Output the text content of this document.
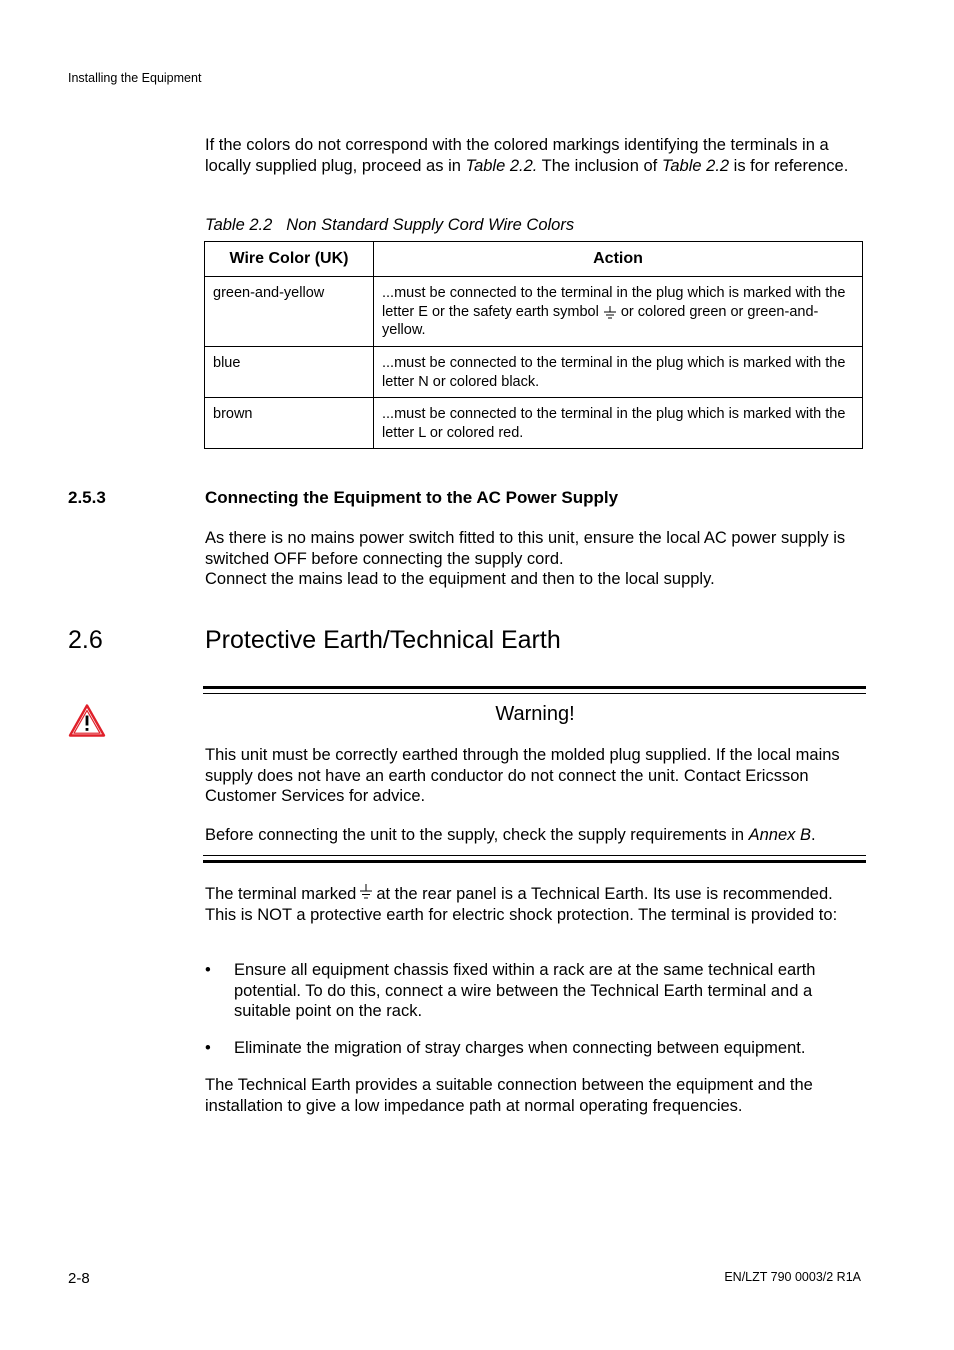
Installing the Equipment

If the colors do not correspond with the colored markings identifying the terminals in a locally supplied plug, proceed as in Table 2.2. The inclusion of Table 2.2 is for reference.

Table 2.2 Non Standard Supply Cord Wire Colors
Wire Color (UK)	Action
green-and-yellow	...must be connected to the terminal in the plug which is marked with the letter E or the safety earth symbol  or colored green or green-and-yellow.
blue	...must be connected to the terminal in the plug which is marked with the letter N or colored black.
brown	...must be connected to the terminal in the plug which is marked with the letter L or colored red.
2.5.3	Connecting the Equipment to the AC Power Supply

As there is no mains power switch fitted to this unit, ensure the local AC power supply is switched OFF before connecting the supply cord.
Connect the mains lead to the equipment and then to the local supply.

2.6	Protective Earth/Technical Earth
Warning!

This unit must be correctly earthed through the molded plug supplied. If the local mains supply does not have an earth conductor do not connect the unit. Contact Ericsson Customer Services for advice.

Before connecting the unit to the supply, check the supply requirements in Annex B.

The terminal marked at the rear panel is a Technical Earth. Its use is recommended. This is NOT a protective earth for electric shock protection. The terminal is provided to:

• Ensure all equipment chassis fixed within a rack are at the same technical earth potential. To do this, connect a wire between the Technical Earth terminal and a suitable point on the rack.
• Eliminate the migration of stray charges when connecting between equipment.

The Technical Earth provides a suitable connection between the equipment and the installation to give a low impedance path at normal operating frequencies.

2-8	EN/LZT 790 0003/2 R1A
